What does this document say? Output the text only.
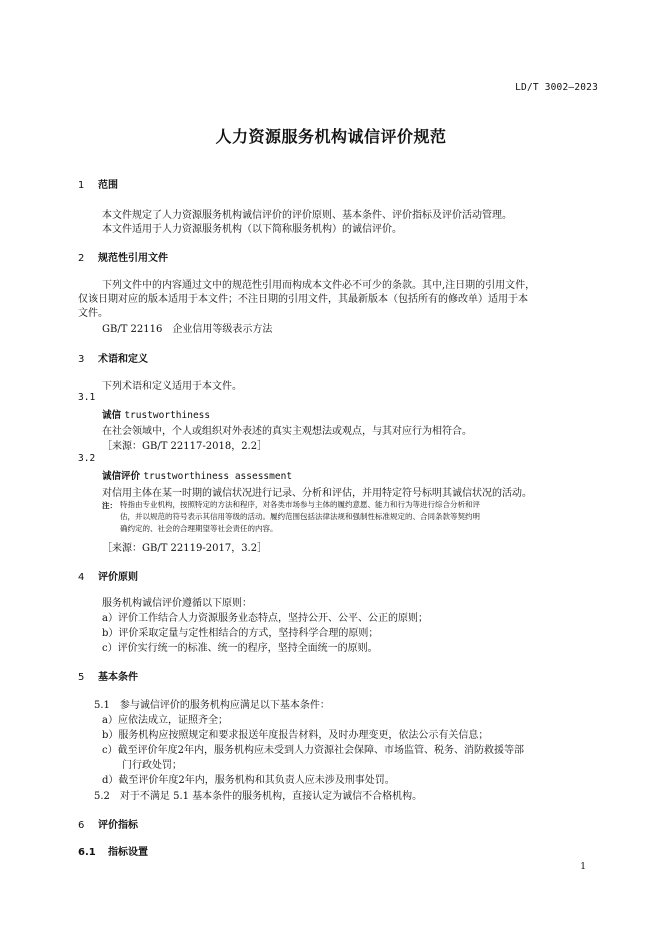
LD/T 3002—2023
人力资源服务机构诚信评价规范
1 范围
本文件规定了人力资源服务机构诚信评价的评价原则、基本条件、评价指标及评价活动管理。
本文件适用于人力资源服务机构（以下简称服务机构）的诚信评价。
2 规范性引用文件
下列文件中的内容通过文中的规范性引用而构成本文件必不可少的条款。其中,注日期的引用文件，
仅该日期对应的版本适用于本文件；不注日期的引用文件，其最新版本（包括所有的修改单）适用于本
文件。
GB/T 22116　企业信用等级表示方法
3 术语和定义
下列术语和定义适用于本文件。
3.1
诚信 trustworthiness
在社会领域中，个人或组织对外表述的真实主观想法或观点，与其对应行为相符合。
［来源：GB/T 22117-2018，2.2］
3.2
诚信评价 trustworthiness assessment
对信用主体在某一时期的诚信状况进行记录、分析和评估，并用特定符号标明其诚信状况的活动。
注： 特指由专业机构，按照特定的方法和程序，对各类市场参与主体的履约意愿、能力和行为等进行综合分析和评
估，并以规范的符号表示其信用等级的活动。履约范围包括法律法规和强制性标准规定的、合同条款等契约明
确约定的、社会的合理期望等社会责任的内容。
［来源：GB/T 22119-2017，3.2］
4 评价原则
服务机构诚信评价遵循以下原则：
a）评价工作结合人力资源服务业态特点，坚持公开、公平、公正的原则；
b）评价采取定量与定性相结合的方式，坚持科学合理的原则；
c）评价实行统一的标准、统一的程序，坚持全面统一的原则。
5 基本条件
5.1　参与诚信评价的服务机构应满足以下基本条件：
a）应依法成立，证照齐全；
b）服务机构应按照规定和要求报送年度报告材料，及时办理变更，依法公示有关信息；
c）截至评价年度2年内，服务机构应未受到人力资源社会保障、市场监管、税务、消防救援等部
门行政处罚；
d）截至评价年度2年内，服务机构和其负责人应未涉及刑事处罚。
5.2　对于不满足 5.1 基本条件的服务机构，直接认定为诚信不合格机构。
6 评价指标
6.1 指标设置
1
